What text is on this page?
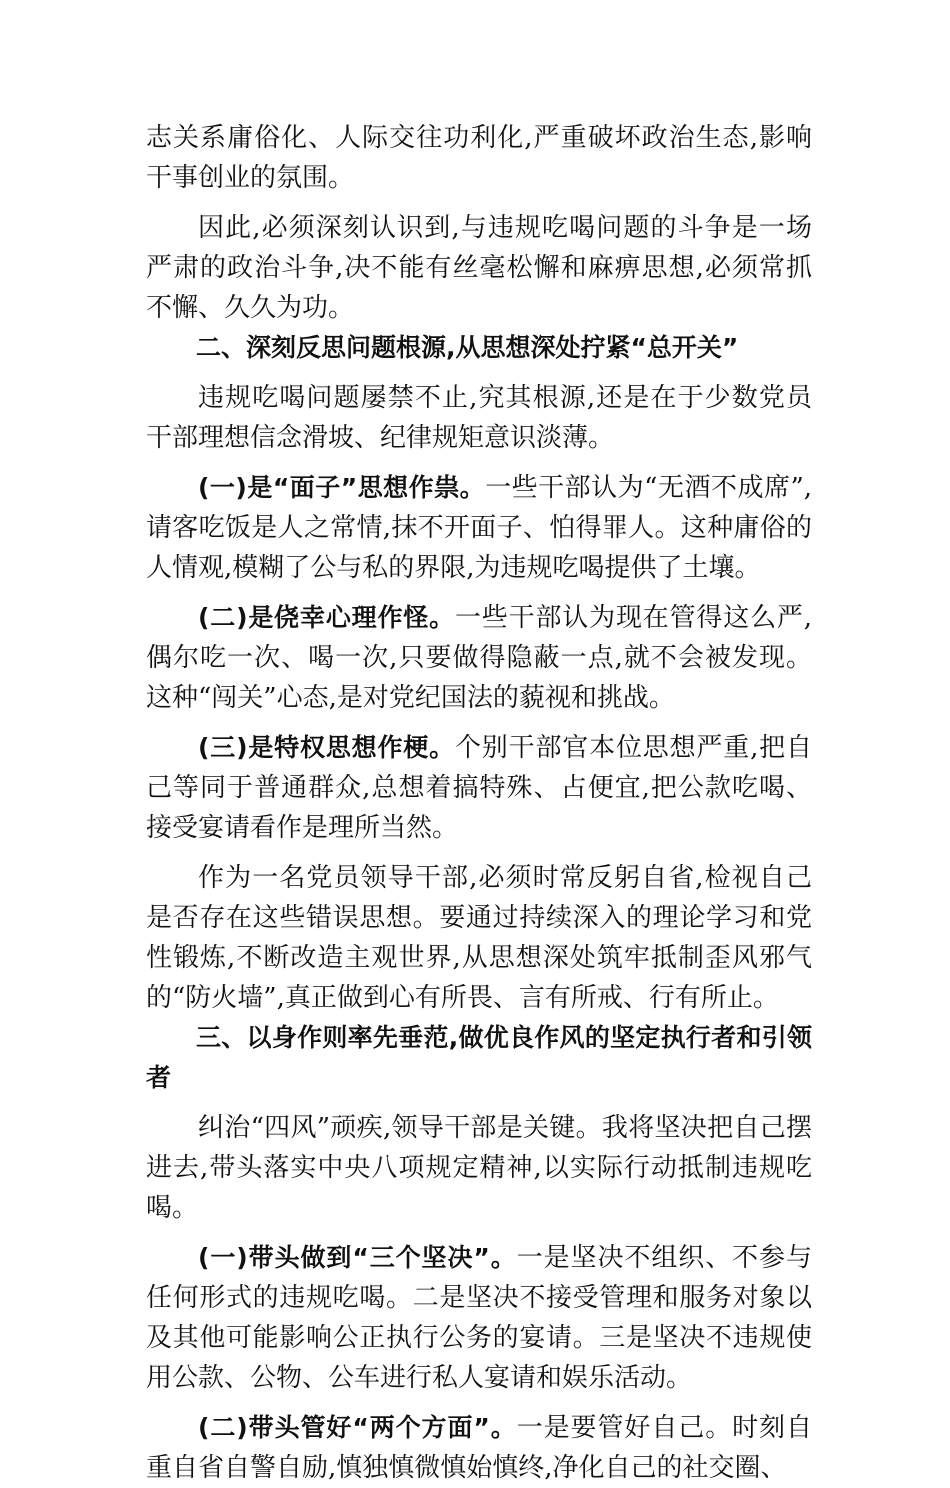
志关系庸俗化、人际交往功利化,严重破坏政治生态,影响干事创业的氛围。

因此,必须深刻认识到,与违规吃喝问题的斗争是一场严肃的政治斗争,决不能有丝毫松懈和麻痹思想,必须常抓不懈、久久为功。

二、深刻反思问题根源,从思想深处拧紧“总开关”

违规吃喝问题屡禁不止,究其根源,还是在于少数党员干部理想信念滑坡、纪律规矩意识淡薄。

(一)是“面子”思想作祟。一些干部认为“无酒不成席”,请客吃饭是人之常情,抹不开面子、怕得罪人。这种庸俗的人情观,模糊了公与私的界限,为违规吃喝提供了土壤。

(二)是侥幸心理作怪。一些干部认为现在管得这么严,偶尔吃一次、喝一次,只要做得隐蔽一点,就不会被发现。这种“闯关”心态,是对党纪国法的藐视和挑战。

(三)是特权思想作梗。个别干部官本位思想严重,把自己等同于普通群众,总想着搞特殊、占便宜,把公款吃喝、接受宴请看作是理所当然。

作为一名党员领导干部,必须时常反躬自省,检视自己是否存在这些错误思想。要通过持续深入的理论学习和党性锻炼,不断改造主观世界,从思想深处筑牢抵制歪风邪气的“防火墙”,真正做到心有所畏、言有所戒、行有所止。

三、以身作则率先垂范,做优良作风的坚定执行者和引领者

纠治“四风”顽疾,领导干部是关键。我将坚决把自己摆进去,带头落实中央八项规定精神,以实际行动抵制违规吃喝。

(一)带头做到“三个坚决”。一是坚决不组织、不参与任何形式的违规吃喝。二是坚决不接受管理和服务对象以及其他可能影响公正执行公务的宴请。三是坚决不违规使用公款、公物、公车进行私人宴请和娱乐活动。

(二)带头管好“两个方面”。一是要管好自己。时刻自重自省自警自励,慎独慎微慎始慎终,净化自己的社交圈、
